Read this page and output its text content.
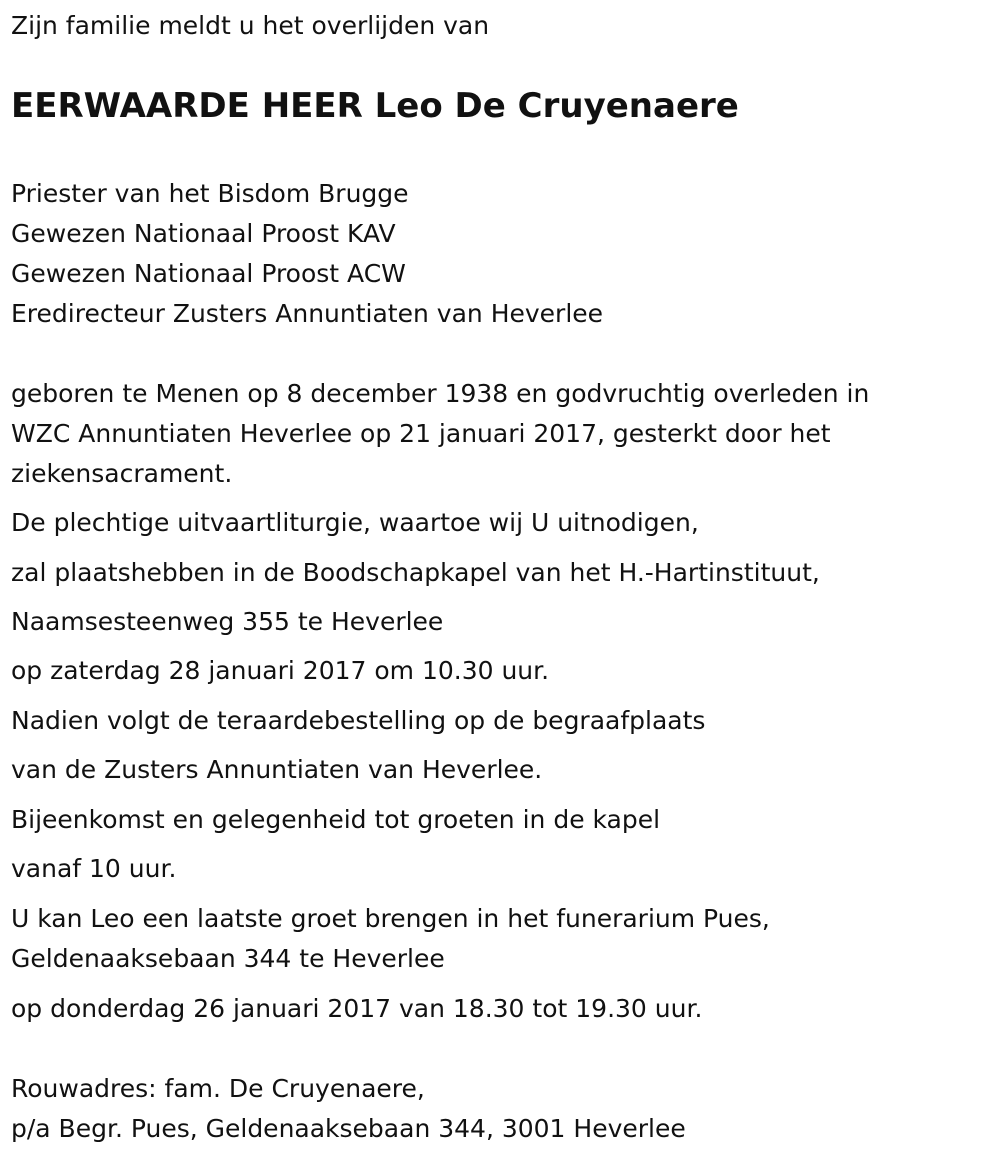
Zijn familie meldt u het overlijden van
EERWAARDE HEER Leo De Cruyenaere
Priester van het Bisdom Brugge
Gewezen Nationaal Proost KAV
Gewezen Nationaal Proost ACW
Eredirecteur Zusters Annuntiaten van Heverlee
geboren te Menen op 8 december 1938 en godvruchtig overleden in
WZC Annuntiaten Heverlee op 21 januari 2017, gesterkt door het
ziekensacrament.
De plechtige uitvaartliturgie, waartoe wij U uitnodigen,
zal plaatshebben in de Boodschapkapel van het H.-Hartinstituut,
Naamsesteenweg 355 te Heverlee
op zaterdag 28 januari 2017 om 10.30 uur.
Nadien volgt de teraardebestelling op de begraafplaats
van de Zusters Annuntiaten van Heverlee.
Bijeenkomst en gelegenheid tot groeten in de kapel
vanaf 10 uur.
U kan Leo een laatste groet brengen in het funerarium Pues,
Geldenaaksebaan 344 te Heverlee
op donderdag 26 januari 2017 van 18.30 tot 19.30 uur.
Rouwadres: fam. De Cruyenaere,
p/a Begr. Pues, Geldenaaksebaan 344, 3001 Heverlee
